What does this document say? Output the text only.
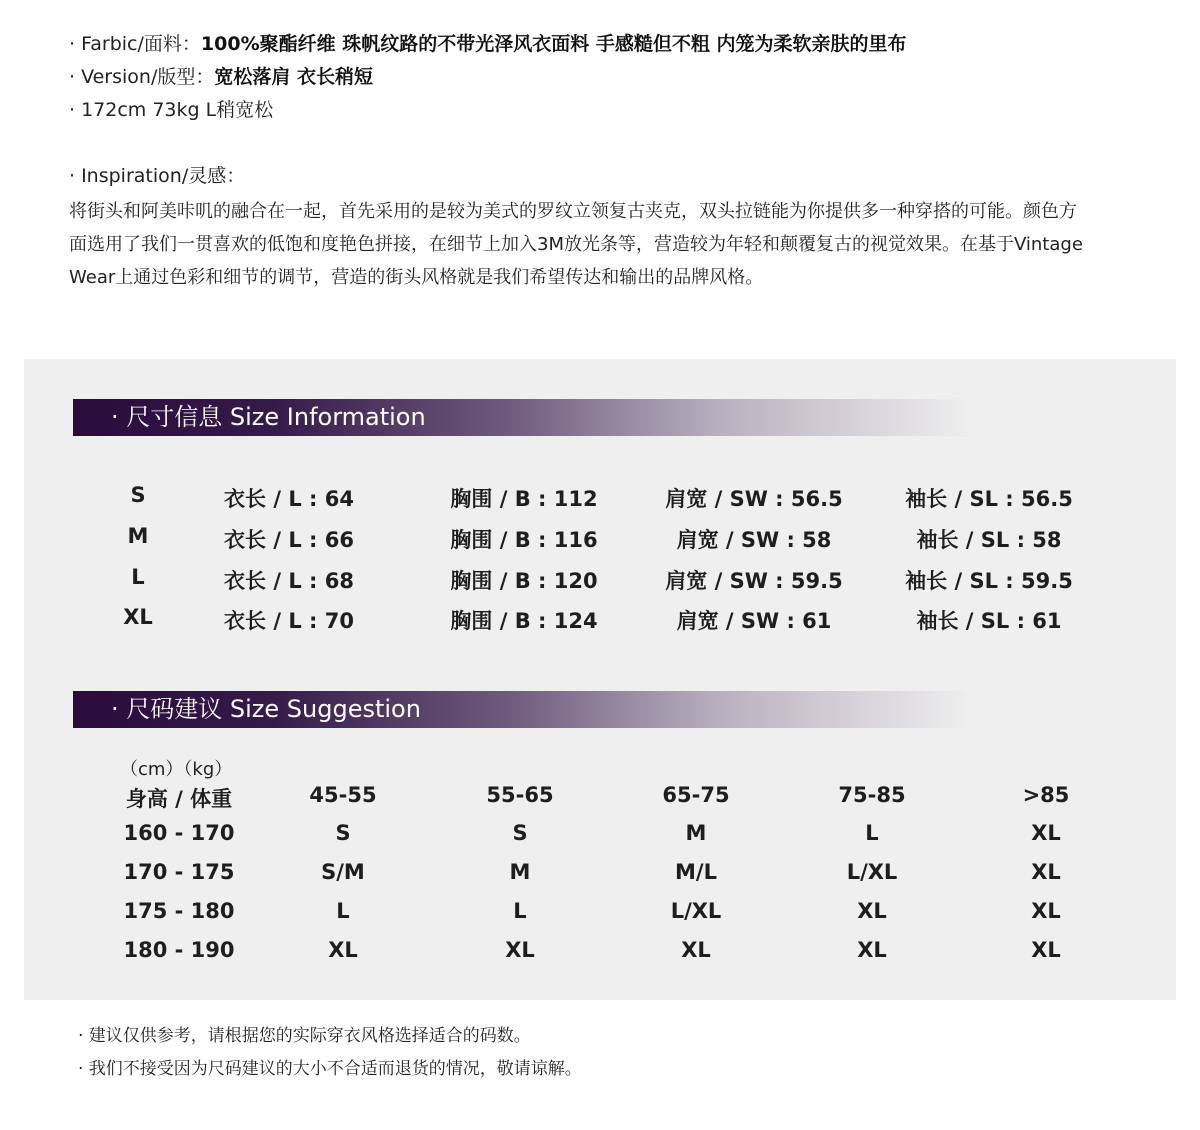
· Farbic/面料：100%聚酯纤维 珠帆纹路的不带光泽风衣面料 手感糙但不粗 内笼为柔软亲肤的里布
· Version/版型：宽松落肩 衣长稍短
· 172cm 73kg L稍宽松
· Inspiration/灵感：
将街头和阿美咔叽的融合在一起，首先采用的是较为美式的罗纹立领复古夹克，双头拉链能为你提供多一种穿搭的可能。颜色方
面选用了我们一贯喜欢的低饱和度艳色拼接，在细节上加入3M放光条等，营造较为年轻和颠覆复古的视觉效果。在基于Vintage
Wear上通过色彩和细节的调节，营造的街头风格就是我们希望传达和输出的品牌风格。
· 尺寸信息 Size Information
S	衣长 / L : 64	胸围 / B : 112	肩宽 / SW : 56.5	袖长 / SL : 56.5
M	衣长 / L : 66	胸围 / B : 116	肩宽 / SW : 58	袖长 / SL : 58
L	衣长 / L : 68	胸围 / B : 120	肩宽 / SW : 59.5	袖长 / SL : 59.5
XL	衣长 / L : 70	胸围 / B : 124	肩宽 / SW : 61	袖长 / SL : 61
· 尺码建议 Size Suggestion
（cm）（kg）
身高 / 体重	45-55	55-65	65-75	75-85	>85
160 - 170	S	S	M	L	XL
170 - 175	S/M	M	M/L	L/XL	XL
175 - 180	L	L	L/XL	XL	XL
180 - 190	XL	XL	XL	XL	XL
· 建议仅供参考，请根据您的实际穿衣风格选择适合的码数。
· 我们不接受因为尺码建议的大小不合适而退货的情况，敬请谅解。
